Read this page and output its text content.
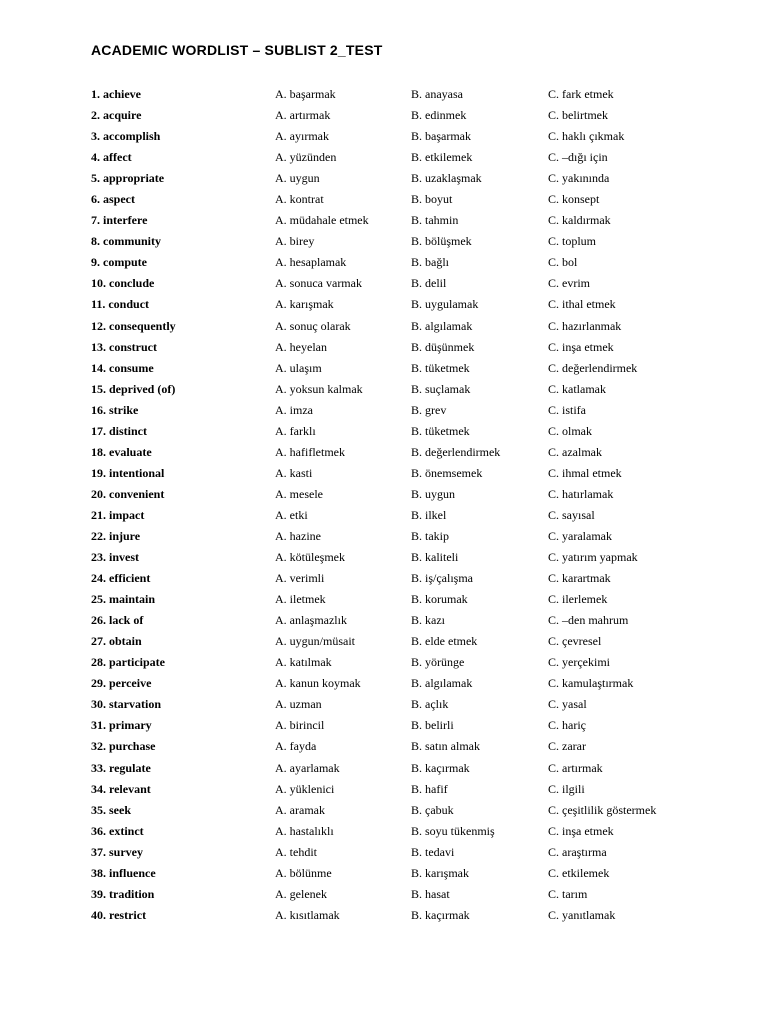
ACADEMIC WORDLIST – SUBLIST 2_TEST
1. achieve	A. başarmak	B. anayasa	C. fark etmek
2. acquire	A. artırmak	B. edinmek	C. belirtmek
3. accomplish	A. ayırmak	B. başarmak	C. haklı çıkmak
4. affect	A. yüzünden	B. etkilemek	C. –dığı için
5. appropriate	A. uygun	B. uzaklaşmak	C. yakınında
6. aspect	A. kontrat	B. boyut	C. konsept
7. interfere	A. müdahale etmek	B. tahmin	C. kaldırmak
8. community	A. birey	B. bölüşmek	C. toplum
9. compute	A. hesaplamak	B. bağlı	C. bol
10. conclude	A. sonuca varmak	B. delil	C. evrim
11. conduct	A. karışmak	B. uygulamak	C. ithal etmek
12. consequently	A. sonuç olarak	B. algılamak	C. hazırlanmak
13. construct	A. heyelan	B. düşünmek	C. inşa etmek
14. consume	A. ulaşım	B. tüketmek	C. değerlendirmek
15. deprived (of)	A. yoksun kalmak	B. suçlamak	C. katlamak
16. strike	A. imza	B. grev	C. istifa
17. distinct	A. farklı	B. tüketmek	C. olmak
18. evaluate	A. hafifletmek	B. değerlendirmek	C. azalmak
19. intentional	A. kasti	B. önemsemek	C. ihmal etmek
20. convenient	A. mesele	B. uygun	C. hatırlamak
21. impact	A. etki	B. ilkel	C. sayısal
22. injure	A. hazine	B. takip	C. yaralamak
23. invest	A. kötüleşmek	B. kaliteli	C. yatırım yapmak
24. efficient	A. verimli	B. iş/çalışma	C. karartmak
25. maintain	A. iletmek	B. korumak	C. ilerlemek
26. lack of	A. anlaşmazlık	B. kazı	C. –den mahrum
27. obtain	A. uygun/müsait	B. elde etmek	C. çevresel
28. participate	A. katılmak	B. yörünge	C. yerçekimi
29. perceive	A. kanun koymak	B. algılamak	C. kamulaştırmak
30. starvation	A. uzman	B. açlık	C. yasal
31. primary	A. birincil	B. belirli	C. hariç
32. purchase	A. fayda	B. satın almak	C. zarar
33. regulate	A. ayarlamak	B. kaçırmak	C. artırmak
34. relevant	A. yüklenici	B. hafif	C. ilgili
35. seek	A. aramak	B. çabuk	C. çeşitlilik göstermek
36. extinct	A. hastalıklı	B. soyu tükenmiş	C. inşa etmek
37. survey	A. tehdit	B. tedavi	C. araştırma
38. influence	A. bölünme	B. karışmak	C. etkilemek
39. tradition	A. gelenek	B. hasat	C. tarım
40. restrict	A. kısıtlamak	B. kaçırmak	C. yanıtlamak
